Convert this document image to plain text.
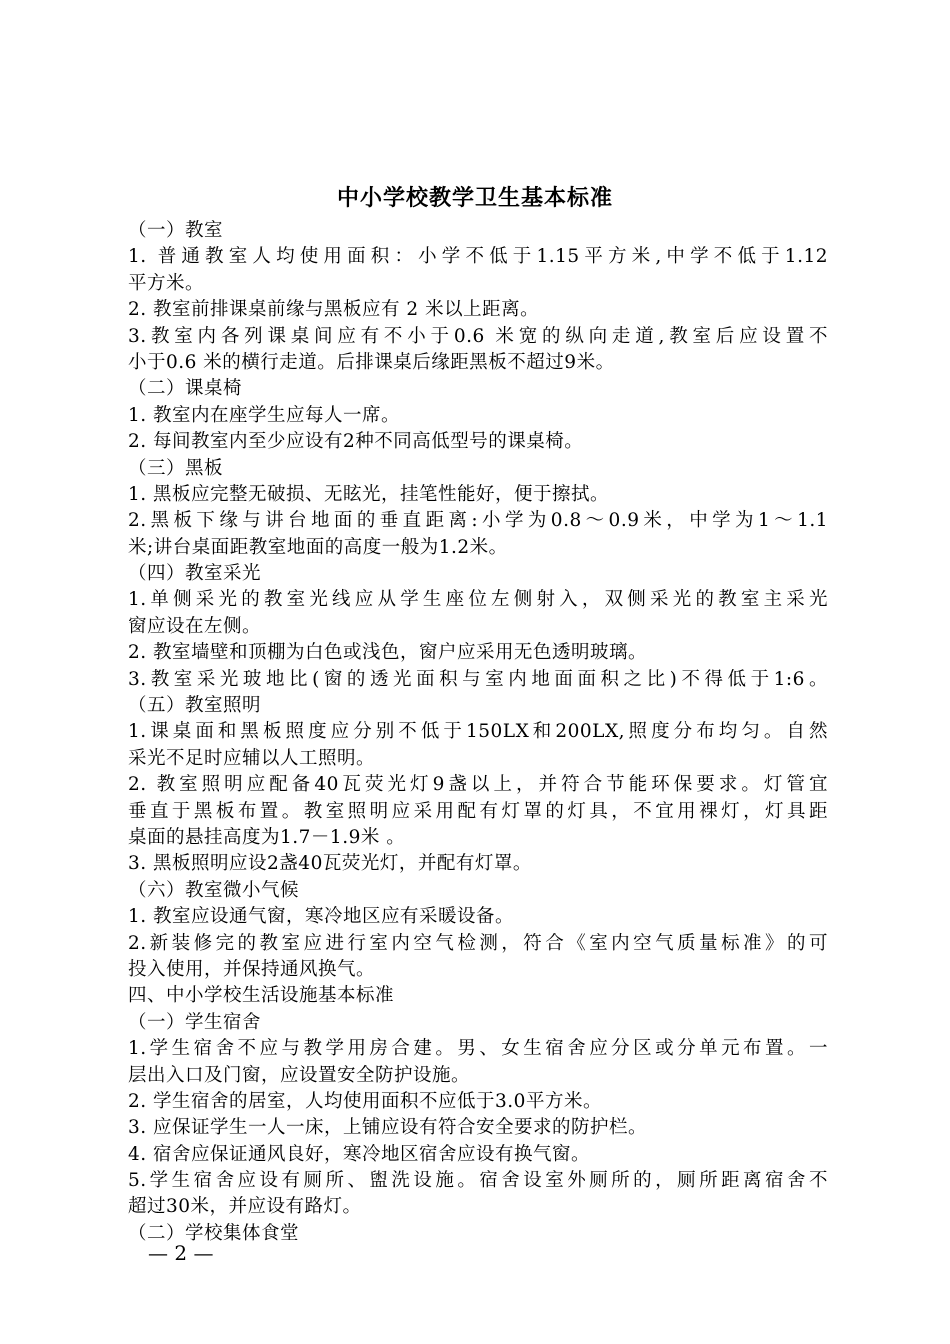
中小学校教学卫生基本标准
（一）教室
1. 普通教室人均使用面积：小学不低于1.15平方米,中学不低于1.12
平方米。
2. 教室前排课桌前缘与黑板应有 2 米以上距离。
3.教室内各列课桌间应有不小于0.6 米宽的纵向走道,教室后应设置不
小于0.6 米的横行走道。后排课桌后缘距黑板不超过9米。
（二）课桌椅
1. 教室内在座学生应每人一席。
2. 每间教室内至少应设有2种不同高低型号的课桌椅。
（三）黑板
1. 黑板应完整无破损、无眩光，挂笔性能好，便于擦拭。
2.黑板下缘与讲台地面的垂直距离:小学为0.8～0.9米，中学为1～1.1
米;讲台桌面距教室地面的高度一般为1.2米。
（四）教室采光
1.单侧采光的教室光线应从学生座位左侧射入，双侧采光的教室主采光
窗应设在左侧。
2. 教室墙壁和顶棚为白色或浅色，窗户应采用无色透明玻璃。
3.教室采光玻地比(窗的透光面积与室内地面面积之比)不得低于1:6。
（五）教室照明
1.课桌面和黑板照度应分别不低于150LX和200LX,照度分布均匀。自然
采光不足时应辅以人工照明。
2. 教室照明应配备40瓦荧光灯9盏以上，并符合节能环保要求。灯管宜
垂直于黑板布置。教室照明应采用配有灯罩的灯具，不宜用裸灯，灯具距
桌面的悬挂高度为1.7－1.9米 。
3. 黑板照明应设2盏40瓦荧光灯，并配有灯罩。
（六）教室微小气候
1. 教室应设通气窗，寒冷地区应有采暖设备。
2.新装修完的教室应进行室内空气检测，符合《室内空气质量标准》的可
投入使用，并保持通风换气。
四、中小学校生活设施基本标准
（一）学生宿舍
1.学生宿舍不应与教学用房合建。男、女生宿舍应分区或分单元布置。一
层出入口及门窗，应设置安全防护设施。
2. 学生宿舍的居室，人均使用面积不应低于3.0平方米。
3. 应保证学生一人一床，上铺应设有符合安全要求的防护栏。
4. 宿舍应保证通风良好，寒冷地区宿舍应设有换气窗。
5.学生宿舍应设有厕所、盥洗设施。宿舍设室外厕所的，厕所距离宿舍不
超过30米，并应设有路灯。
（二）学校集体食堂
— 2 —
